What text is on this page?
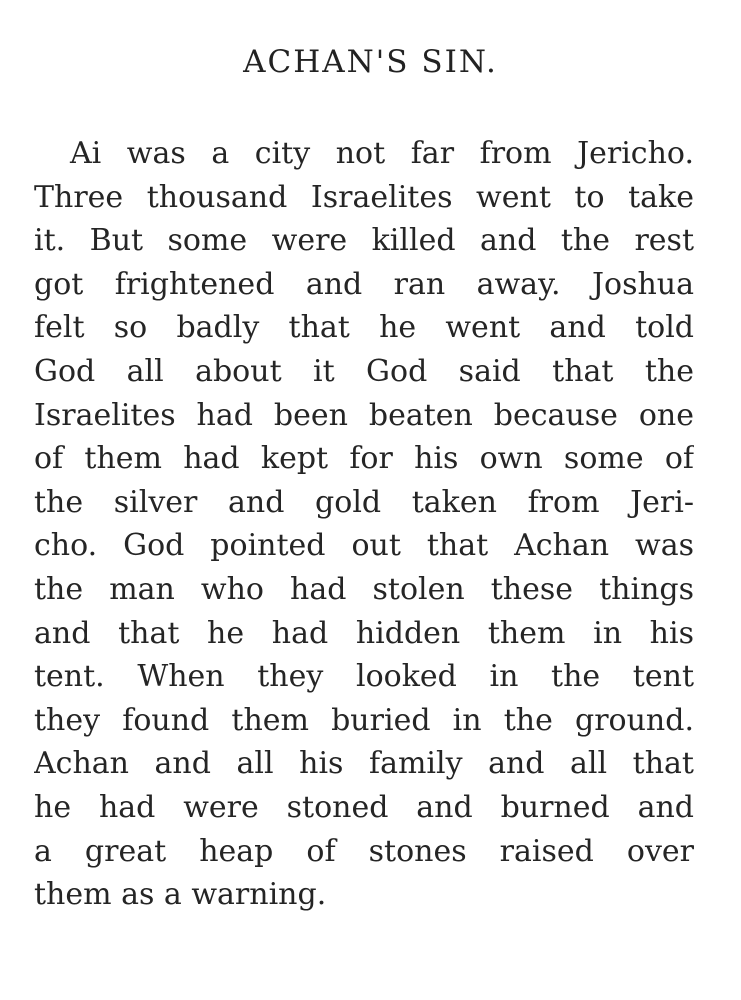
ACHAN'S SIN.
Ai was a city not far from Jericho.
Three thousand Israelites went to take
it. But some were killed and the rest
got frightened and ran away. Joshua
felt so badly that he went and told
God all about it God said that the
Israelites had been beaten because one
of them had kept for his own some of
the silver and gold taken from Jeri-
cho. God pointed out that Achan was
the man who had stolen these things
and that he had hidden them in his
tent. When they looked in the tent
they found them buried in the ground.
Achan and all his family and all that
he had were stoned and burned and
a great heap of stones raised over
them as a warning.
